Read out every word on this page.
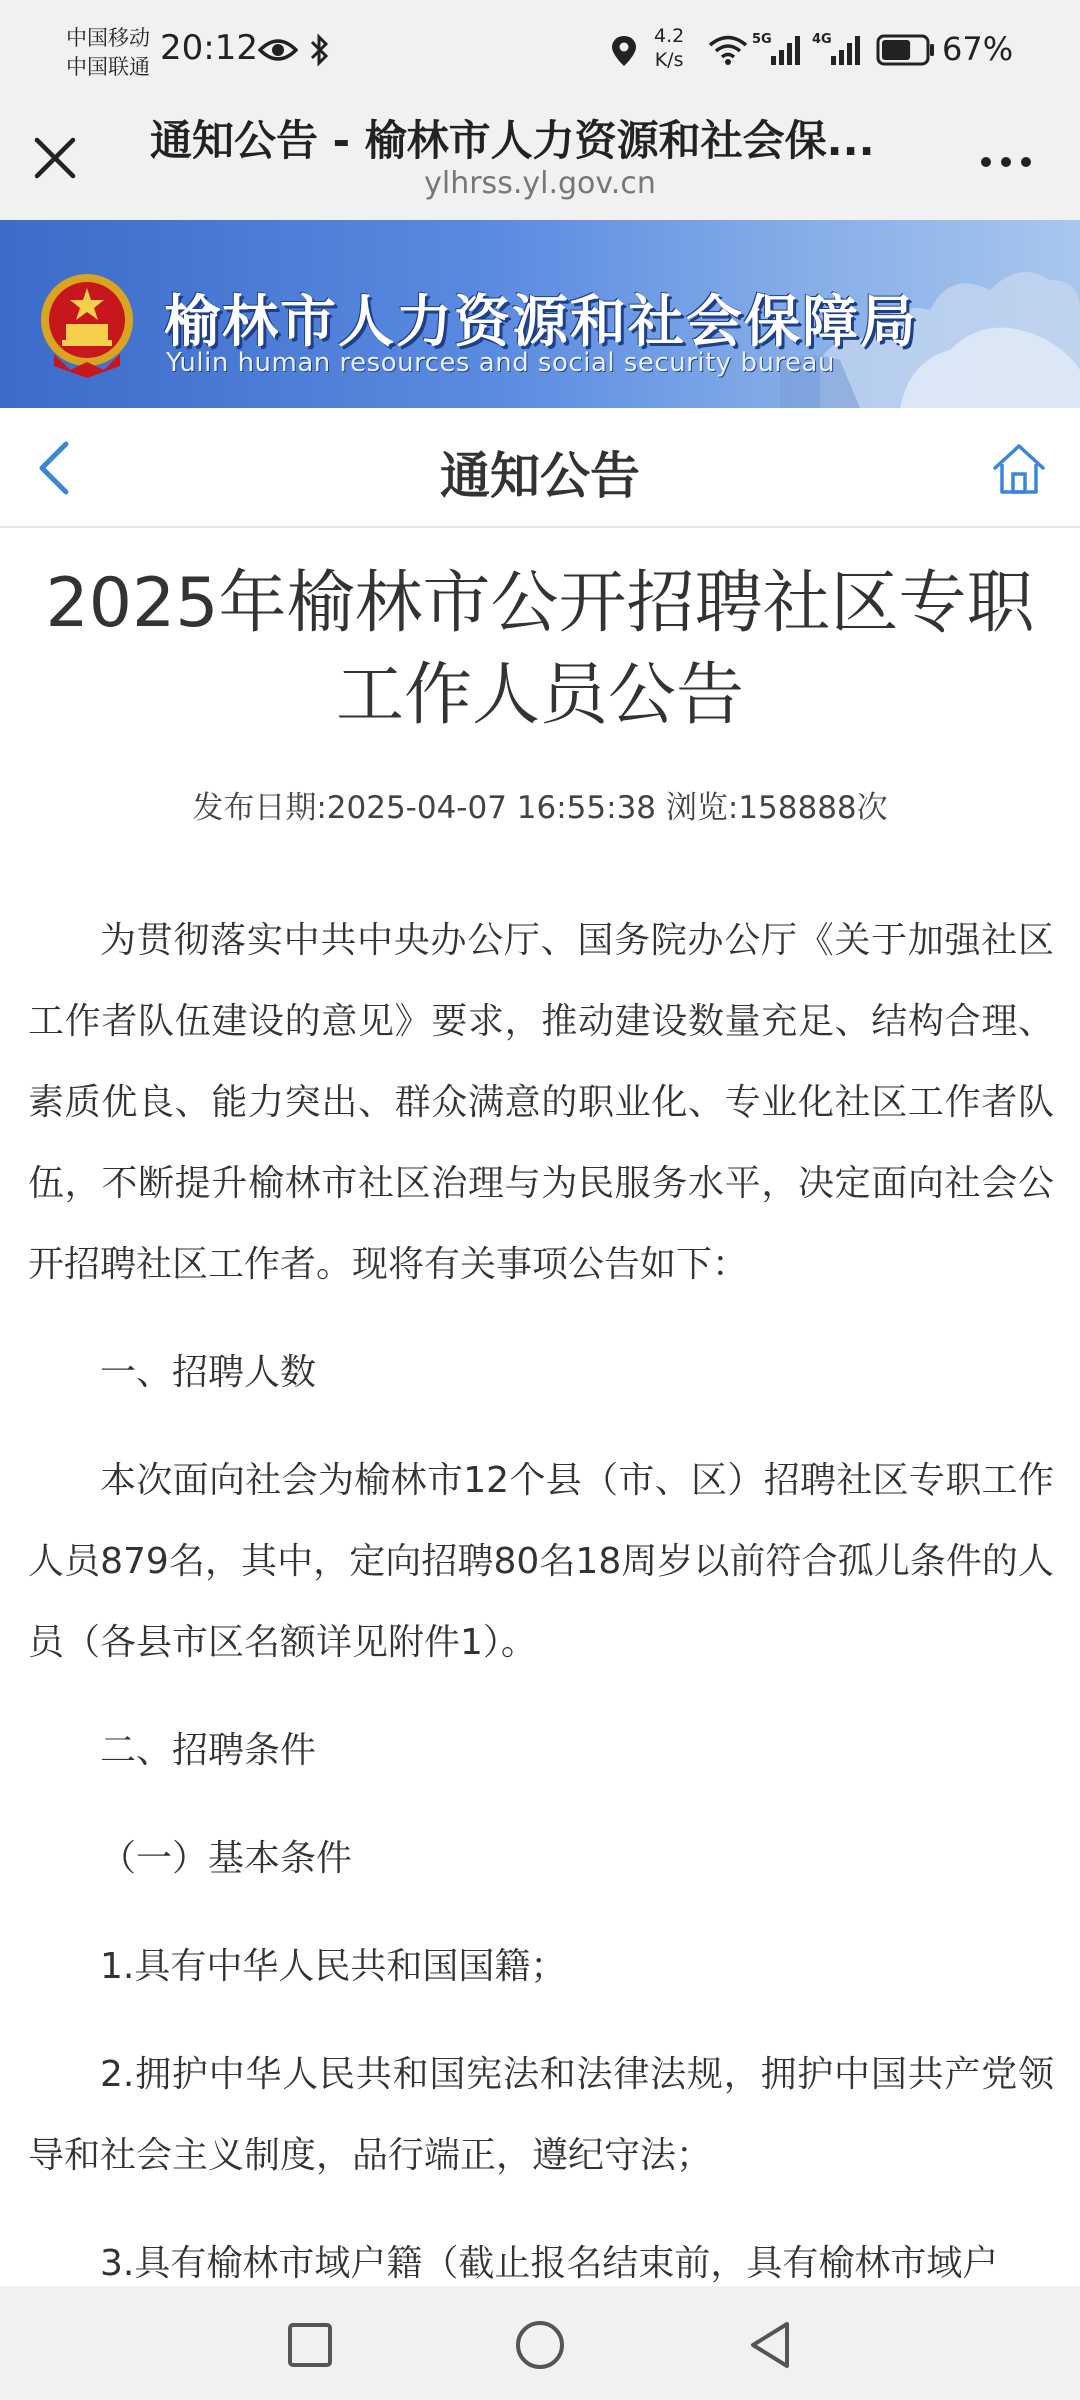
中国移动
中国联通 20:12	4.2
K/s
5G	4G	67%
通知公告 - 榆林市人力资源和社会保...
ylhrss.yl.gov.cn
榆林市人力资源和社会保障局
Yulin human resources and social security bureau
通知公告
2025年榆林市公开招聘社区专职工作人员公告
发布日期:2025-04-07 16:55:38 浏览:158888次

为贯彻落实中共中央办公厅、国务院办公厅《关于加强社区工作者队伍建设的意见》要求，推动建设数量充足、结构合理、素质优良、能力突出、群众满意的职业化、专业化社区工作者队伍，不断提升榆林市社区治理与为民服务水平，决定面向社会公开招聘社区工作者。现将有关事项公告如下：

一、招聘人数

本次面向社会为榆林市12个县（市、区）招聘社区专职工作人员879名，其中，定向招聘80名18周岁以前符合孤儿条件的人员（各县市区名额详见附件1）。

二、招聘条件

（一）基本条件

1.具有中华人民共和国国籍；

2.拥护中华人民共和国宪法和法律法规，拥护中国共产党领导和社会主义制度，品行端正，遵纪守法；

3.具有榆林市域户籍（截止报名结束前，具有榆林市域户
